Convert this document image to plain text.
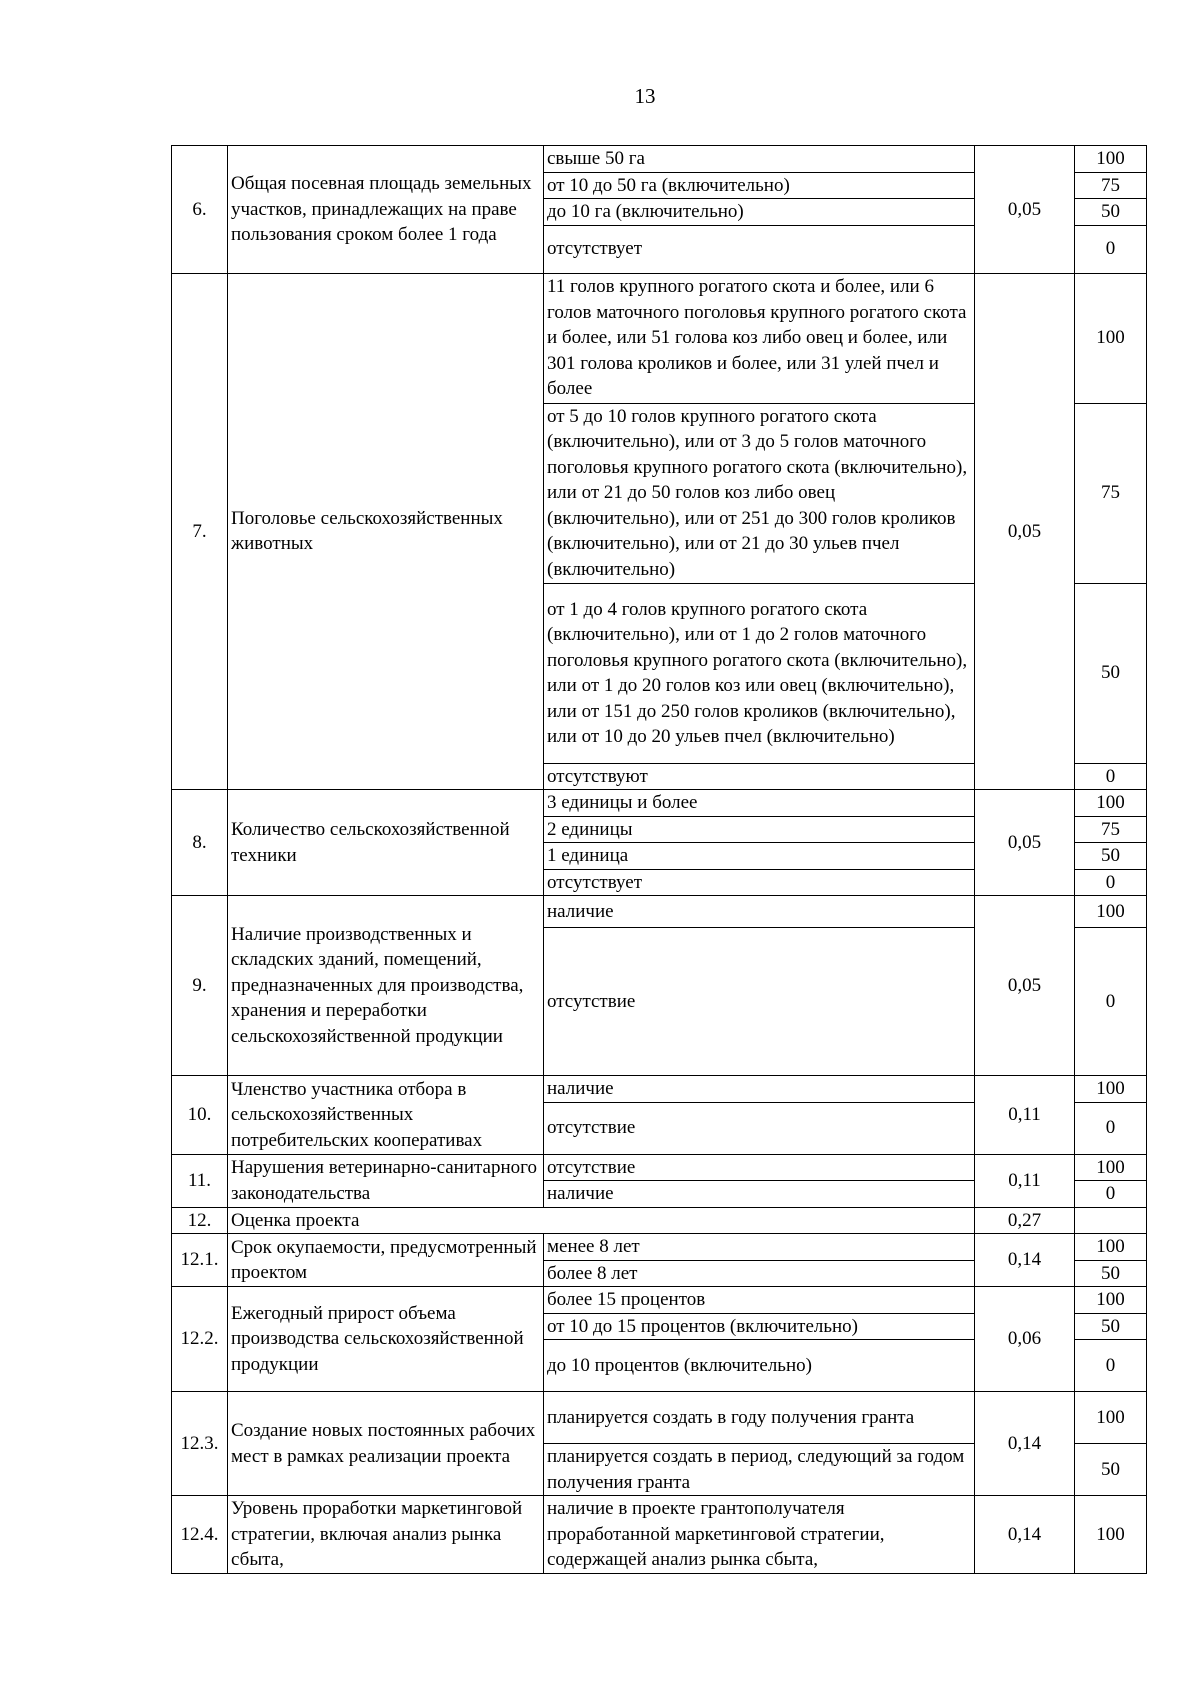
13
6.	Общая посевная площадь земельных участков, принадлежащих на праве пользования сроком более 1 года	свыше 50 га	0,05	100
		от 10 до 50 га (включительно)		75
		до 10 га (включительно)		50
		отсутствует		0
7.	Поголовье сельскохозяйственных животных	11 голов крупного рогатого скота и более, или 6 голов маточного поголовья крупного рогатого скота и более, или 51 голова коз либо овец и более, или 301 голова кроликов и более, или 31 улей пчел и более	0,05	100
		от 5 до 10 голов крупного рогатого скота (включительно), или от 3 до 5 голов маточного поголовья крупного рогатого скота (включительно), или от 21 до 50 голов коз либо овец (включительно), или от 251 до 300 голов кроликов (включительно), или от 21 до 30 ульев пчел (включительно)		75
		от 1 до 4 голов крупного рогатого скота (включительно), или от 1 до 2 голов маточного поголовья крупного рогатого скота (включительно), или от 1 до 20 голов коз или овец (включительно), или от 151 до 250 голов кроликов (включительно), или от 10 до 20 ульев пчел (включительно)		50
		отсутствуют		0
8.	Количество сельскохозяйственной техники	3 единицы и более	0,05	100
		2 единицы		75
		1 единица		50
		отсутствует		0
9.	Наличие производственных и складских зданий, помещений, предназначенных для производства, хранения и переработки сельскохозяйственной продукции	наличие	0,05	100
		отсутствие		0
10.	Членство участника отбора в сельскохозяйственных потребительских кооперативах	наличие	0,11	100
		отсутствие		0
11.	Нарушения ветеринарно-санитарного законодательства	отсутствие	0,11	100
		наличие		0
12.	Оценка проекта		0,27	
12.1.	Срок окупаемости, предусмотренный проектом	менее 8 лет	0,14	100
		более 8 лет		50
12.2.	Ежегодный прирост объема производства сельскохозяйственной продукции	более 15 процентов	0,06	100
		от 10 до 15 процентов (включительно)		50
		до 10 процентов (включительно)		0
12.3.	Создание новых постоянных рабочих мест в рамках реализации проекта	планируется создать в году получения гранта	0,14	100
		планируется создать в период, следующий за годом получения гранта		50
12.4.	Уровень проработки маркетинговой стратегии, включая анализ рынка сбыта,	наличие в проекте грантополучателя проработанной маркетинговой стратегии, содержащей анализ рынка сбыта,	0,14	100
